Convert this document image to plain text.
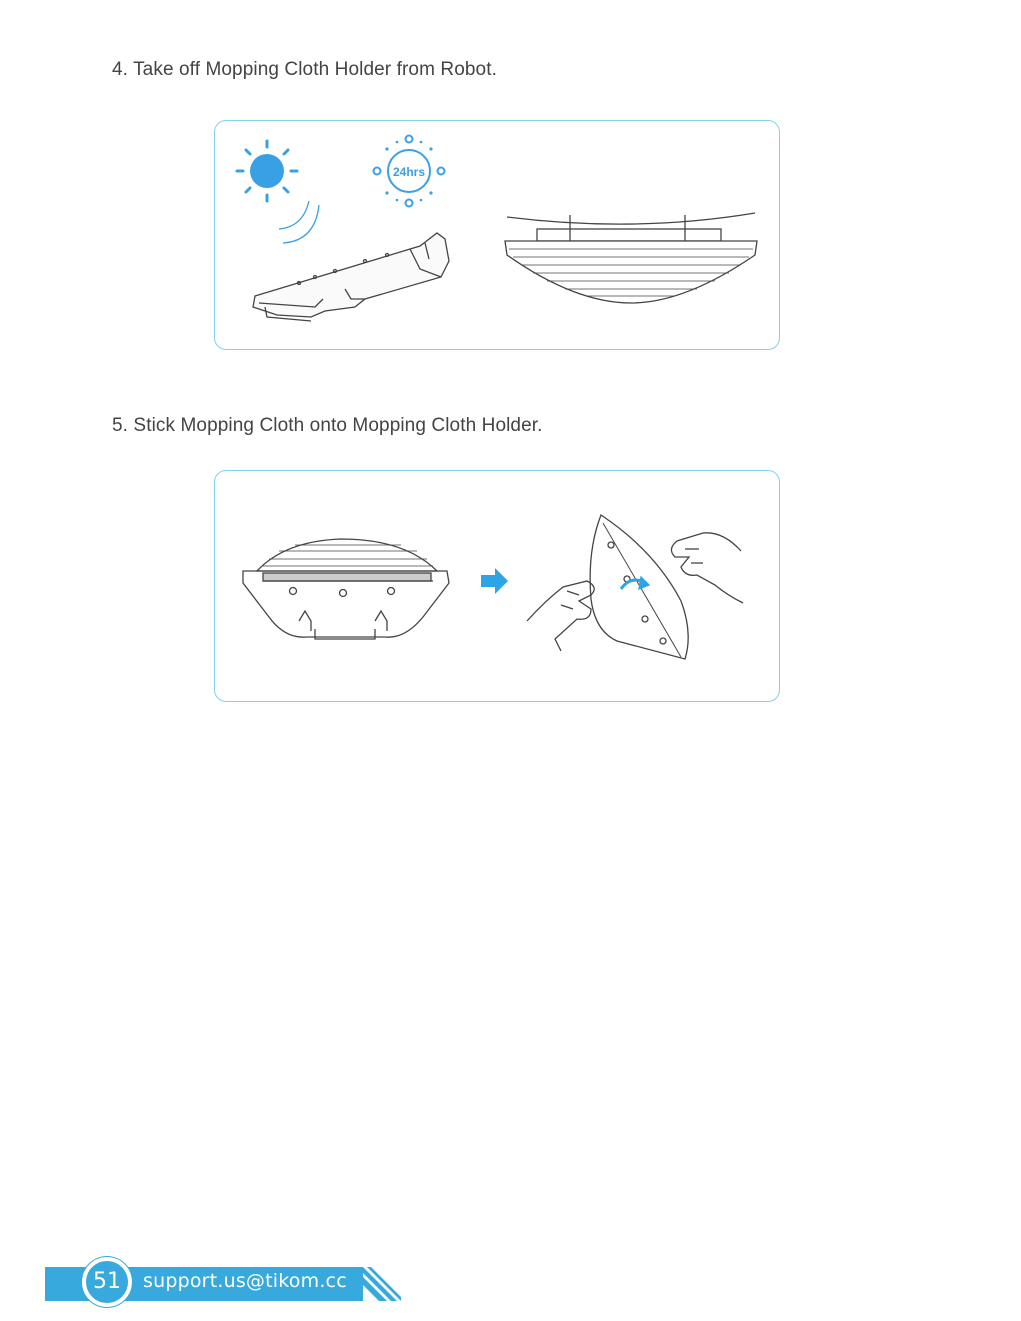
4. Take off Mopping Cloth Holder from Robot.
24hrs
5. Stick Mopping Cloth onto Mopping Cloth Holder.
51	support.us@tikom.cc
